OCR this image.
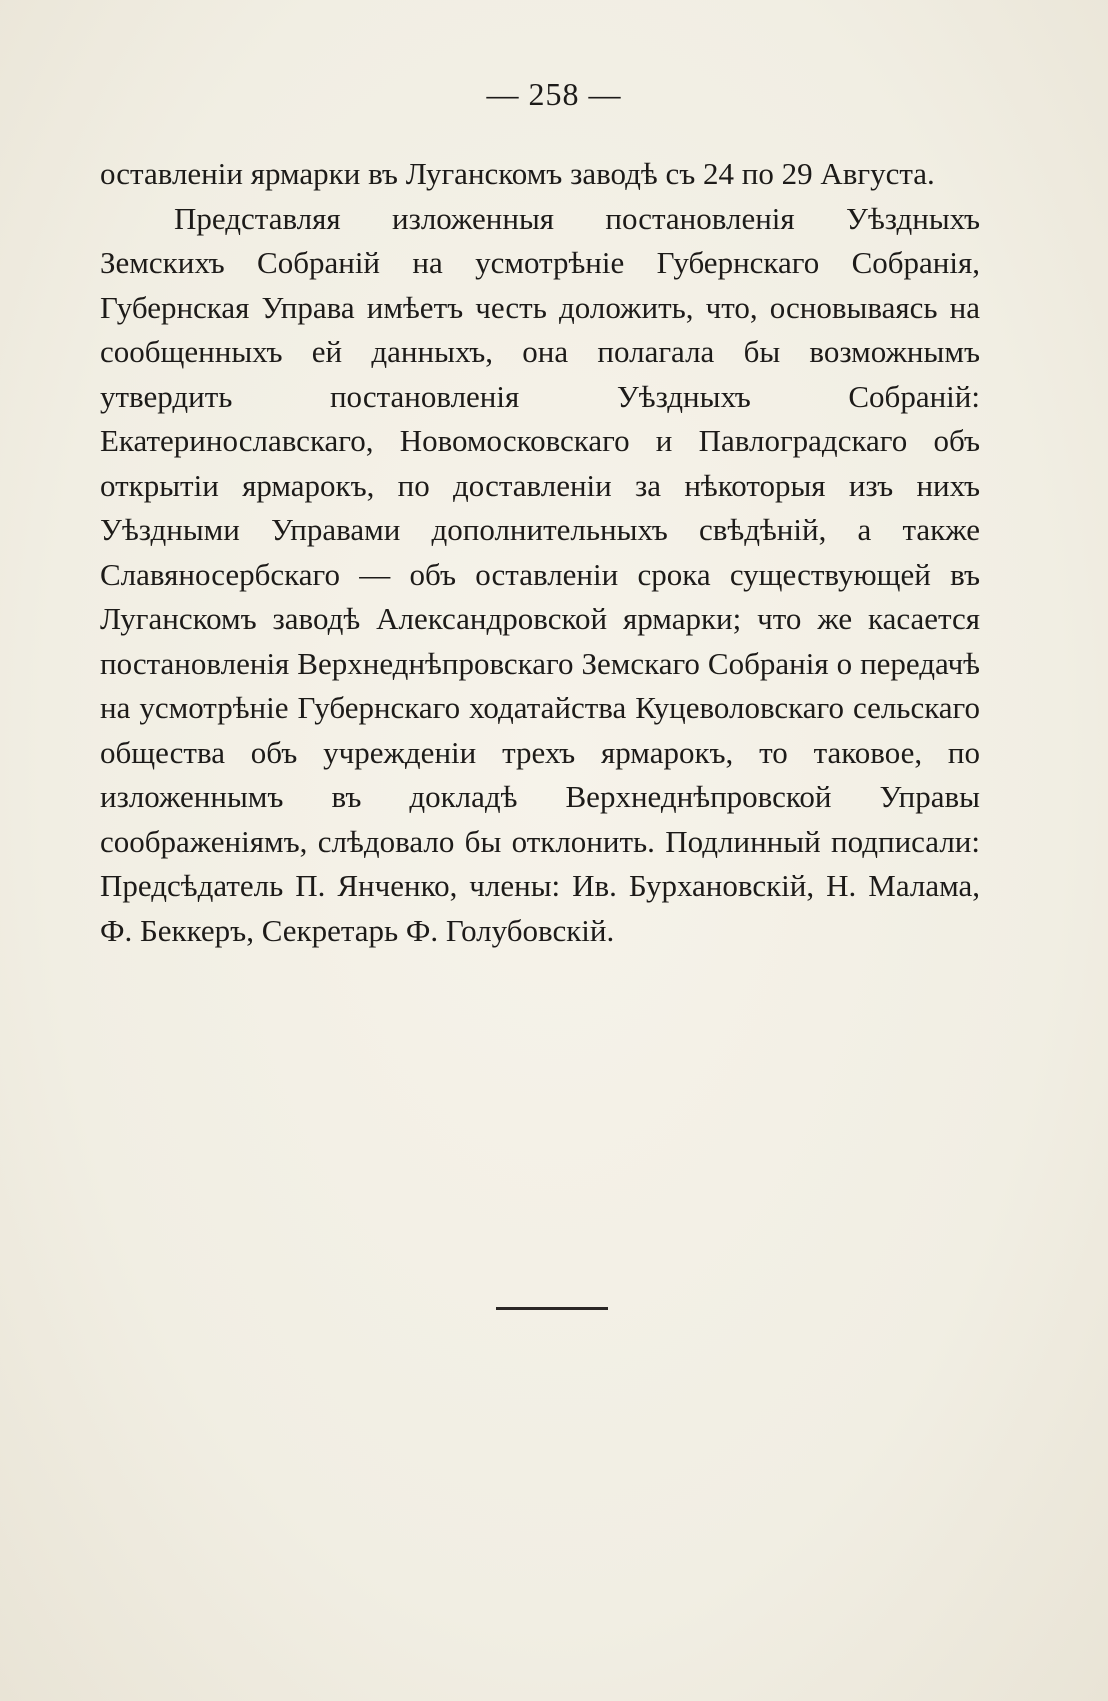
— 258 —

оставленіи ярмарки въ Луганскомъ заводѣ съ 24 по 29 Августа.

Представляя изложенныя постановленія Уѣздныхъ Земскихъ Собраній на усмотрѣніе Губернскаго Собранія, Губернская Управа имѣетъ честь доложить, что, основываясь на сообщенныхъ ей данныхъ, она полагала бы возможнымъ утвердить постановленія Уѣздныхъ Собраній: Екатеринославскаго, Новомосковскаго и Павлоградскаго объ открытіи ярмарокъ, по доставленіи за нѣкоторыя изъ нихъ Уѣздными Управами дополнительныхъ свѣдѣній, а также Славяносербскаго — объ оставленіи срока существующей въ Луганскомъ заводѣ Александровской ярмарки; что же касается постановленія Верхнеднѣпровскаго Земскаго Собранія о передачѣ на усмотрѣніе Губернскаго ходатайства Куцеволовскаго сельскаго общества объ учрежденіи трехъ ярмарокъ, то таковое, по изложеннымъ въ докладѣ Верхнеднѣпровской Управы соображеніямъ, слѣдовало бы отклонить. Подлинный подписали: Предсѣдатель П. Янченко, члены: Ив. Бурхановскій, Н. Малама, Ф. Беккеръ, Секретарь Ф. Голубовскій.
